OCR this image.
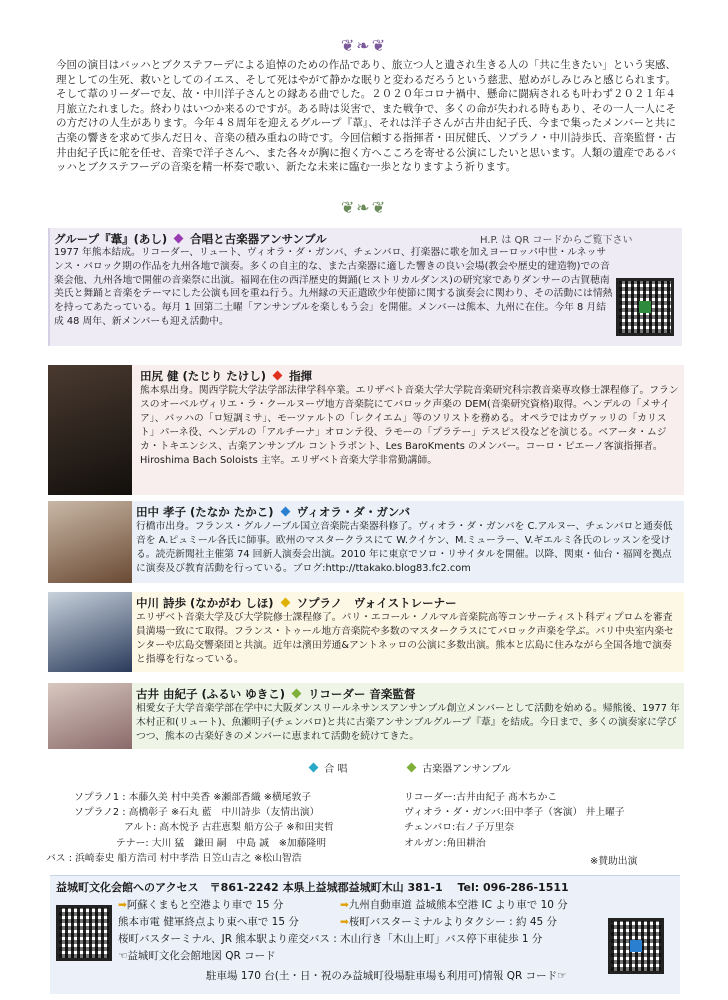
❦❧❦
今回の演目はバッハとブクステフーデによる追悼のための作品であり、旅立つ人と遺され生きる人の「共に生きたい」という実感、理としての生死、救いとしてのイエス、そして死はやがて静かな眠りと変わるだろうという慈悲、慰めがしみじみと感じられます。そして葦のリーダーで友、故・中川洋子さんとの縁ある曲でした。２０２０年コロナ禍中、懸命に闘病されるも叶わず２０２１年４月旅立たれました。終わりはいつか来るのですが。ある時は災害で、また戦争で、多くの命が失われる時もあり、その一人一人にその方だけの人生があります。今年４８周年を迎えるグループ『葦』、それは洋子さんが古井由紀子氏、今まで集ったメンバーと共に古楽の響きを求めて歩んだ日々、音楽の積み重ねの時です。今回信頼する指揮者・田尻健氏、ソプラノ・中川詩歩氏、音楽監督・古井由紀子氏に舵を任せ、音楽で洋子さんへ、また各々が胸に抱く方へこころを寄せる公演にしたいと思います。人類の遺産であるバッハとブクステフーデの音楽を精一杯奏で歌い、新たな未来に臨む一歩となりますよう祈ります。
❦❧❦
グループ『葦』(あし) 合唱と古楽器アンサンブル	H.P. は QR コードからご覧下さい
1977 年熊本結成。リコーダー、リュート、ヴィオラ・ダ・ガンバ、チェンバロ、打楽器に歌を加えヨーロッパ中世・ルネッサンス・バロック期の作品を九州各地で演奏。多くの自主的な、また古楽器に適した響きの良い会場(教会や歴史的建造物)での音楽会他、九州各地で開催の音楽祭に出演。福岡在住の西洋歴史的舞踊(ヒストリカルダンス)の研究家でありダンサーの古賀穂南美氏と舞踊と音楽をテーマにした公演も回を重ね行う。九州縁の天正遣欧少年使節に関する演奏会に関わり、その活動には情熱を持ってあたっている。毎月 1 回第二土曜「アンサンブルを楽しもう会」を開催。メンバーは熊本、九州に在住。今年 8 月結成 48 周年、新メンバーも迎え活動中。
田尻 健 (たじり たけし) 指揮
熊本県出身。関西学院大学法学部法律学科卒業。エリザベト音楽大学大学院音楽研究科宗教音楽専攻修士課程修了。フランスのオーベルヴィリエ・ラ・クールヌーヴ地方音楽院にてバロック声楽の DEM(音楽研究資格)取得。ヘンデルの「メサイア」、バッハの「ロ短調ミサ」、モーツァルトの「レクイエム」等のソリストを務める。オペラではカヴァッリの「カリスト」パーネ役、ヘンデルの「アルチーナ」オロンテ役、ラモーの「プラテー」テスピス役などを演じる。ベアータ・ムジカ・トキエンシス、古楽アンサンブル コントラポント、Les BaroKments のメンバー。コーロ・ピエーノ客演指揮者。Hiroshima Bach Soloists 主宰。エリザベト音楽大学非常勤講師。
田中 孝子 (たなか たかこ) ヴィオラ・ダ・ガンバ
行橋市出身。フランス・グルノーブル国立音楽院古楽器科修了。ヴィオラ・ダ・ガンバを C.アルヌー、チェンバロと通奏低音を A.ピュミール各氏に師事。欧州のマスタークラスにて W.クイケン、M.ミューラー、V.ギエルミ各氏のレッスンを受ける。読売新聞社主催第 74 回新人演奏会出演。2010 年に東京でソロ・リサイタルを開催。以降、関東・仙台・福岡を拠点に演奏及び教育活動を行っている。ブログ:http://ttakako.blog83.fc2.com
中川 詩歩 (なかがわ しほ) ソプラノ　ヴォイストレーナー
エリザベト音楽大学及び大学院修士課程修了。パリ・エコール・ノルマル音楽院高等コンサーティスト科ディプロムを審査員満場一致にて取得。フランス・トゥール地方音楽院や多数のマスタークラスにてバロック声楽を学ぶ。パリ中央室内楽センターや広島交響楽団と共演。近年は濱田芳通&アントネッロの公演に多数出演。熊本と広島に住みながら全国各地で演奏と指導を行なっている。
古井 由紀子 (ふるい ゆきこ) リコーダー 音楽監督
相愛女子大学音楽学部在学中に大阪ダンスリールネサンスアンサンブル創立メンバーとして活動を始める。帰熊後、1977 年木村正和(リュート)、魚瀬明子(チェンバロ)と共に古楽アンサンブルグループ『葦』を結成。今日まで、多くの演奏家に学びつつ、熊本の古楽好きのメンバーに恵まれて活動を続けてきた。
合 唱	古楽器アンサンブル
ソプラノ1 : 本藤久美 村中美香 ※瀬部香織 ※横尾敦子
ソプラノ2 : 高橋彰子 ※石丸 藍　中川詩歩（友情出演）
アルト: 高木悦予 古荘恵梨 船方公子 ※和田実哲
テナー: 大川 猛　鎌田 嗣　中島 誠　※加藤隆明
バス : 浜崎泰史 船方浩司 村中孝浩 日笠山吉之 ※松山智浩
リコーダー:古井由紀子 髙木ちかこ
ヴィオラ・ダ・ガンバ:田中孝子（客演） 井上曜子
チェンバロ:右ノ子万里奈
オルガン:角田耕治
※賛助出演
益城町文化会館へのアクセス　〒861-2242 本県上益城郡益城町木山 381-1　 Tel: 096-286-1511
➡阿蘇くまもと空港より車で 15 分	➡九州自動車道 益城熊本空港 IC より車で 10 分
熊本市電 健軍終点より東へ車で 15 分	➡桜町バスターミナルよりタクシー : 約 45 分
桜町バスターミナル、JR 熊本駅より産交バス : 木山行き「木山上町」バス停下車徒歩 1 分
☜益城町文化会館地図 QR コード
駐車場 170 台(土・日・祝のみ益城町役場駐車場も利用可)情報 QR コード☞
